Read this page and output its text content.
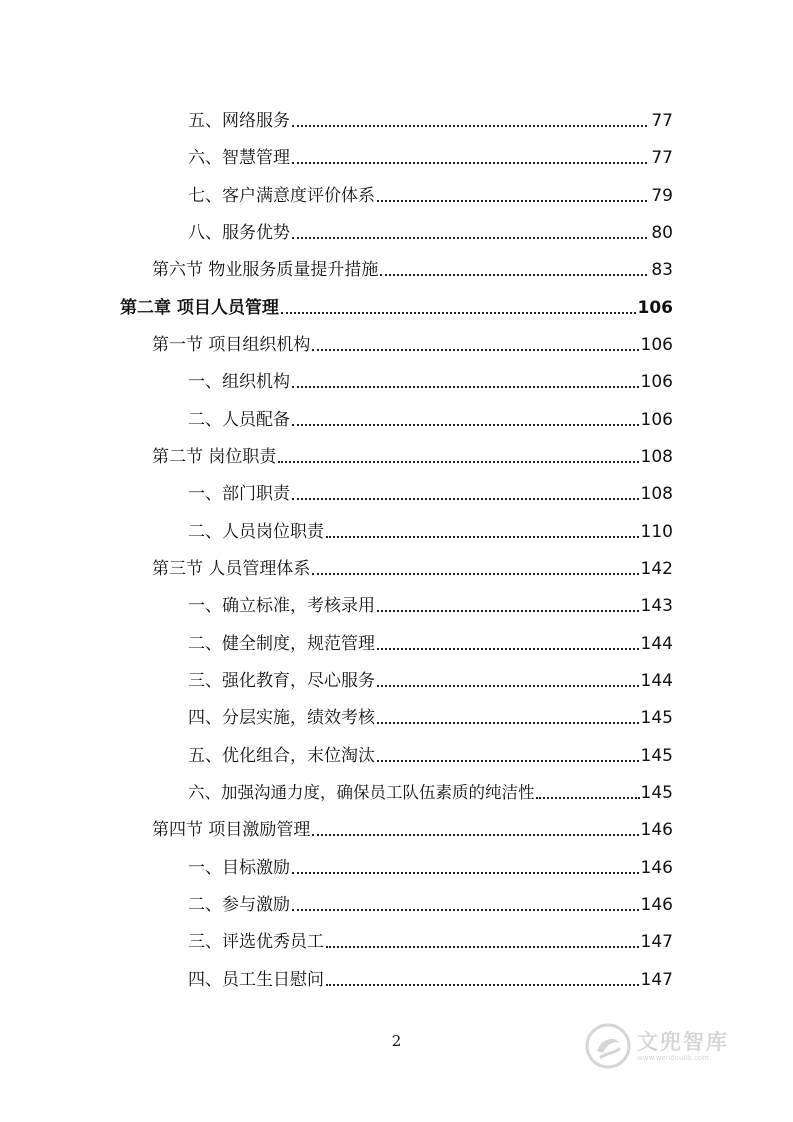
五、网络服务	77
六、智慧管理	77
七、客户满意度评价体系	79
八、服务优势	80
第六节 物业服务质量提升措施	83
第二章 项目人员管理	106
第一节 项目组织机构	106
一、组织机构	106
二、人员配备	106
第二节 岗位职责	108
一、部门职责	108
二、人员岗位职责	110
第三节 人员管理体系	142
一、确立标准，考核录用	143
二、健全制度，规范管理	144
三、强化教育，尽心服务	144
四、分层实施，绩效考核	145
五、优化组合，末位淘汰	145
六、加强沟通力度，确保员工队伍素质的纯洁性	145
第四节 项目激励管理	146
一、目标激励	146
二、参与激励	146
三、评选优秀员工	147
四、员工生日慰问	147
2	文兜智库
www.wendoulib.com
